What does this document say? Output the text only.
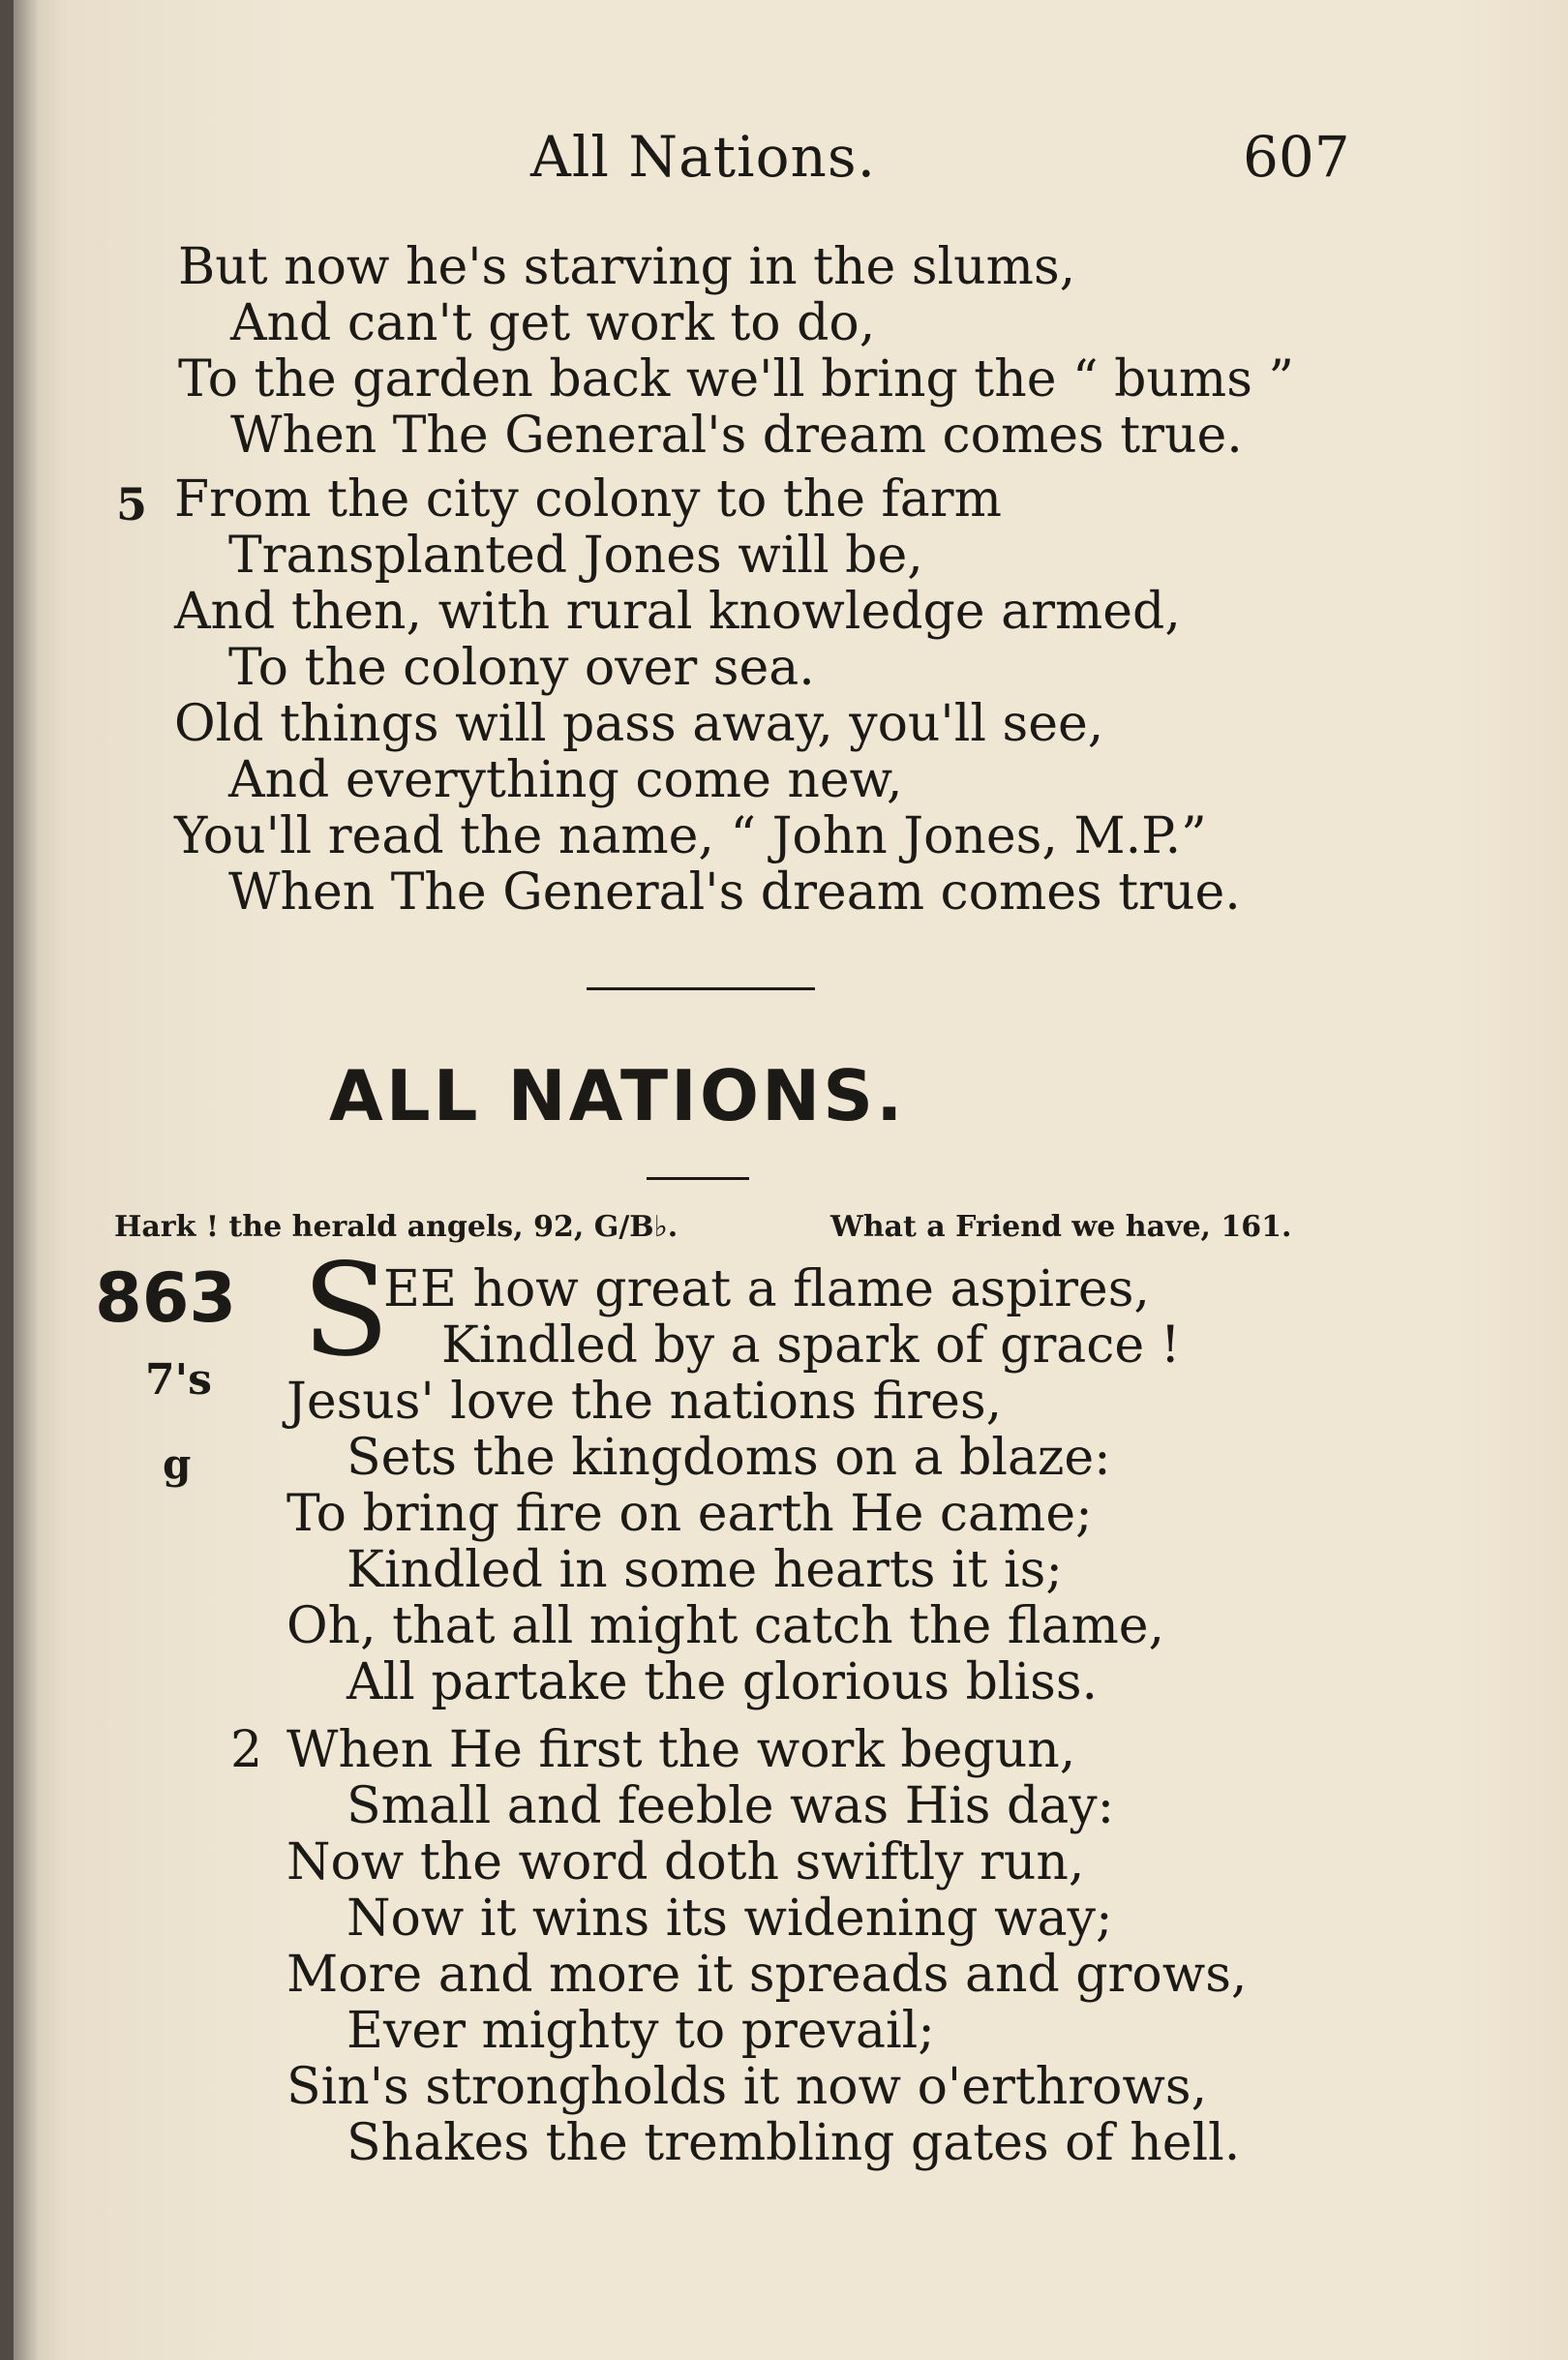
All Nations.	607
But now he's starving in the slums,
And can't get work to do,
To the garden back we'll bring the “ bums ”
When The General's dream comes true.
5 From the city colony to the farm
Transplanted Jones will be,
And then, with rural knowledge armed,
To the colony over sea.
Old things will pass away, you'll see,
And everything come new,
You'll read the name, “ John Jones, M.P.”
When The General's dream comes true.
ALL NATIONS.
Hark ! the herald angels, 92, G/B♭.	What a Friend we have, 161.
863
7's
g
S
EE how great a flame aspires,
Kindled by a spark of grace !
Jesus' love the nations fires,
Sets the kingdoms on a blaze:
To bring fire on earth He came;
Kindled in some hearts it is;
Oh, that all might catch the flame,
All partake the glorious bliss.
2 When He first the work begun,
Small and feeble was His day:
Now the word doth swiftly run,
Now it wins its widening way;
More and more it spreads and grows,
Ever mighty to prevail;
Sin's strongholds it now o'erthrows,
Shakes the trembling gates of hell.
